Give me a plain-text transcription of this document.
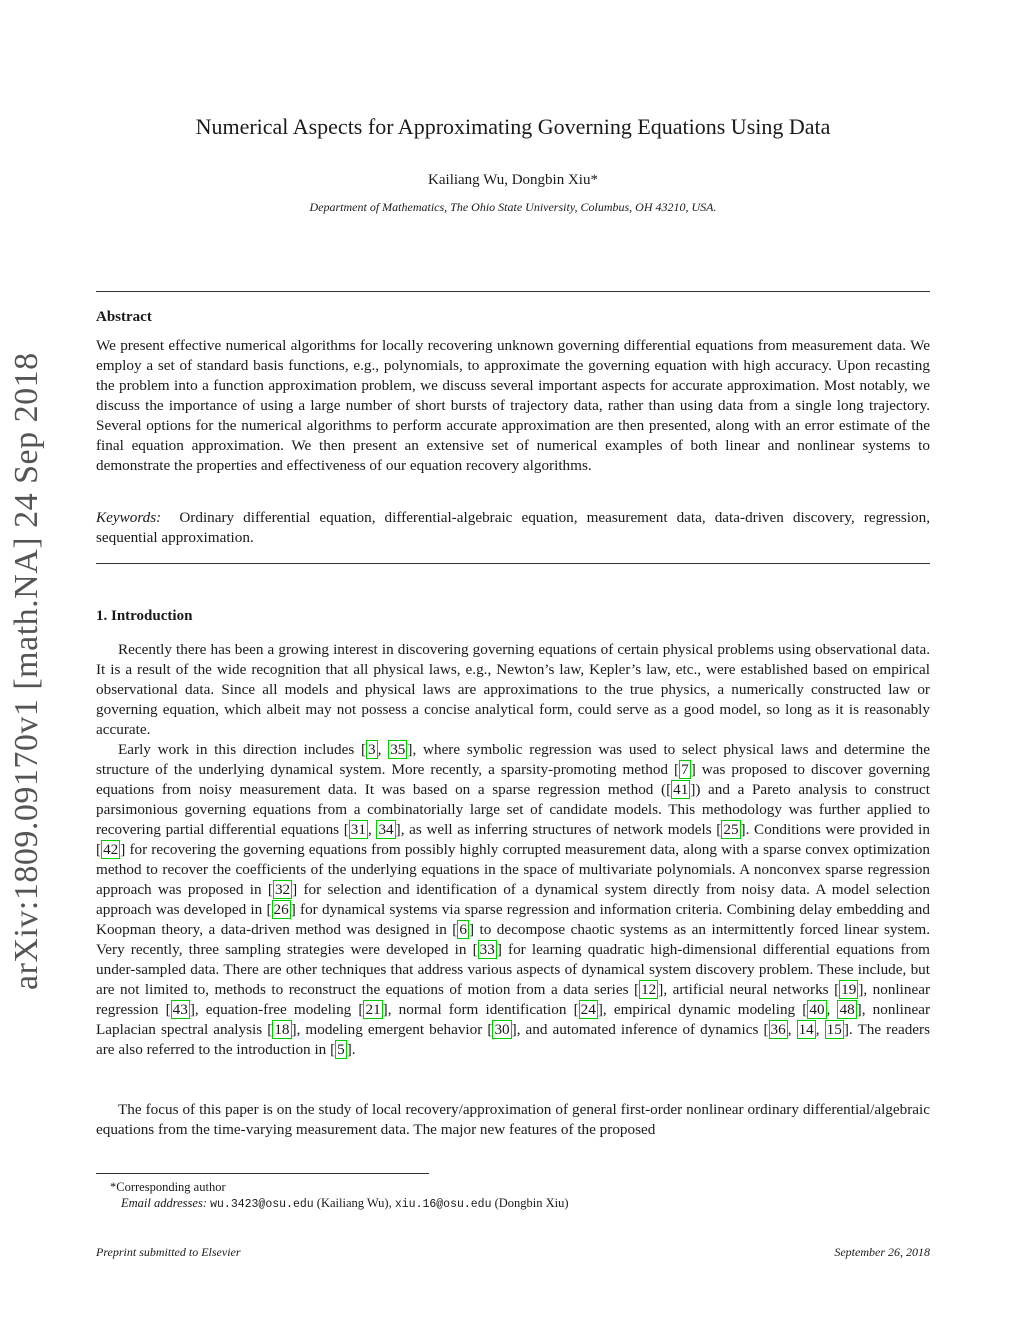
arXiv:1809.09170v1 [math.NA] 24 Sep 2018
Numerical Aspects for Approximating Governing Equations Using Data
Kailiang Wu, Dongbin Xiu*
Department of Mathematics, The Ohio State University, Columbus, OH 43210, USA.
Abstract
We present effective numerical algorithms for locally recovering unknown governing differential equations from measurement data. We employ a set of standard basis functions, e.g., polynomials, to approximate the governing equation with high accuracy. Upon recasting the problem into a function approximation problem, we discuss several important aspects for accurate approximation. Most notably, we discuss the importance of using a large number of short bursts of trajectory data, rather than using data from a single long trajectory. Several options for the numerical algorithms to perform accurate approximation are then presented, along with an error estimate of the final equation approximation. We then present an extensive set of numerical examples of both linear and nonlinear systems to demonstrate the properties and effectiveness of our equation recovery algorithms.
Keywords: Ordinary differential equation, differential-algebraic equation, measurement data, data-driven discovery, regression, sequential approximation.
1. Introduction
Recently there has been a growing interest in discovering governing equations of certain physical problems using observational data. It is a result of the wide recognition that all physical laws, e.g., Newton’s law, Kepler’s law, etc., were established based on empirical observational data. Since all models and physical laws are approximations to the true physics, a numerically constructed law or governing equation, which albeit may not possess a concise analytical form, could serve as a good model, so long as it is reasonably accurate.
Early work in this direction includes [ 3 , 35 ], where symbolic regression was used to select physical laws and determine the structure of the underlying dynamical system. More recently, a sparsity-promoting method [ 7 ] was proposed to discover governing equations from noisy measurement data. It was based on a sparse regression method ([ 41 ]) and a Pareto analysis to construct parsimonious governing equations from a combinatorially large set of candidate models. This methodology was further applied to recovering partial differential equations [ 31 , 34 ], as well as inferring structures of network models [ 25 ]. Conditions were provided in [ 42 ] for recovering the governing equations from possibly highly corrupted measurement data, along with a sparse convex optimization method to recover the coefficients of the underlying equations in the space of multivariate polynomials. A nonconvex sparse regression approach was proposed in [ 32 ] for selection and identification of a dynamical system directly from noisy data. A model selection approach was developed in [ 26 ] for dynamical systems via sparse regression and information criteria. Combining delay embedding and Koopman theory, a data-driven method was designed in [ 6 ] to decompose chaotic systems as an intermittently forced linear system. Very recently, three sampling strategies were developed in [ 33 ] for learning quadratic high-dimensional differential equations from under-sampled data. There are other techniques that address various aspects of dynamical system discovery problem. These include, but are not limited to, methods to reconstruct the equations of motion from a data series [ 12 ], artificial neural networks [ 19 ], nonlinear regression [ 43 ], equation-free modeling [ 21 ], normal form identification [ 24 ], empirical dynamic modeling [ 40 , 48 ], nonlinear Laplacian spectral analysis [ 18 ], modeling emergent behavior [ 30 ], and automated inference of dynamics [ 36 , 14 , 15 ]. The readers are also referred to the introduction in [ 5 ].
The focus of this paper is on the study of local recovery/approximation of general first-order nonlinear ordinary differential/algebraic equations from the time-varying measurement data. The major new features of the proposed
*Corresponding author
Email addresses: wu.3423@osu.edu (Kailiang Wu), xiu.16@osu.edu (Dongbin Xiu)
Preprint submitted to Elsevier	September 26, 2018
